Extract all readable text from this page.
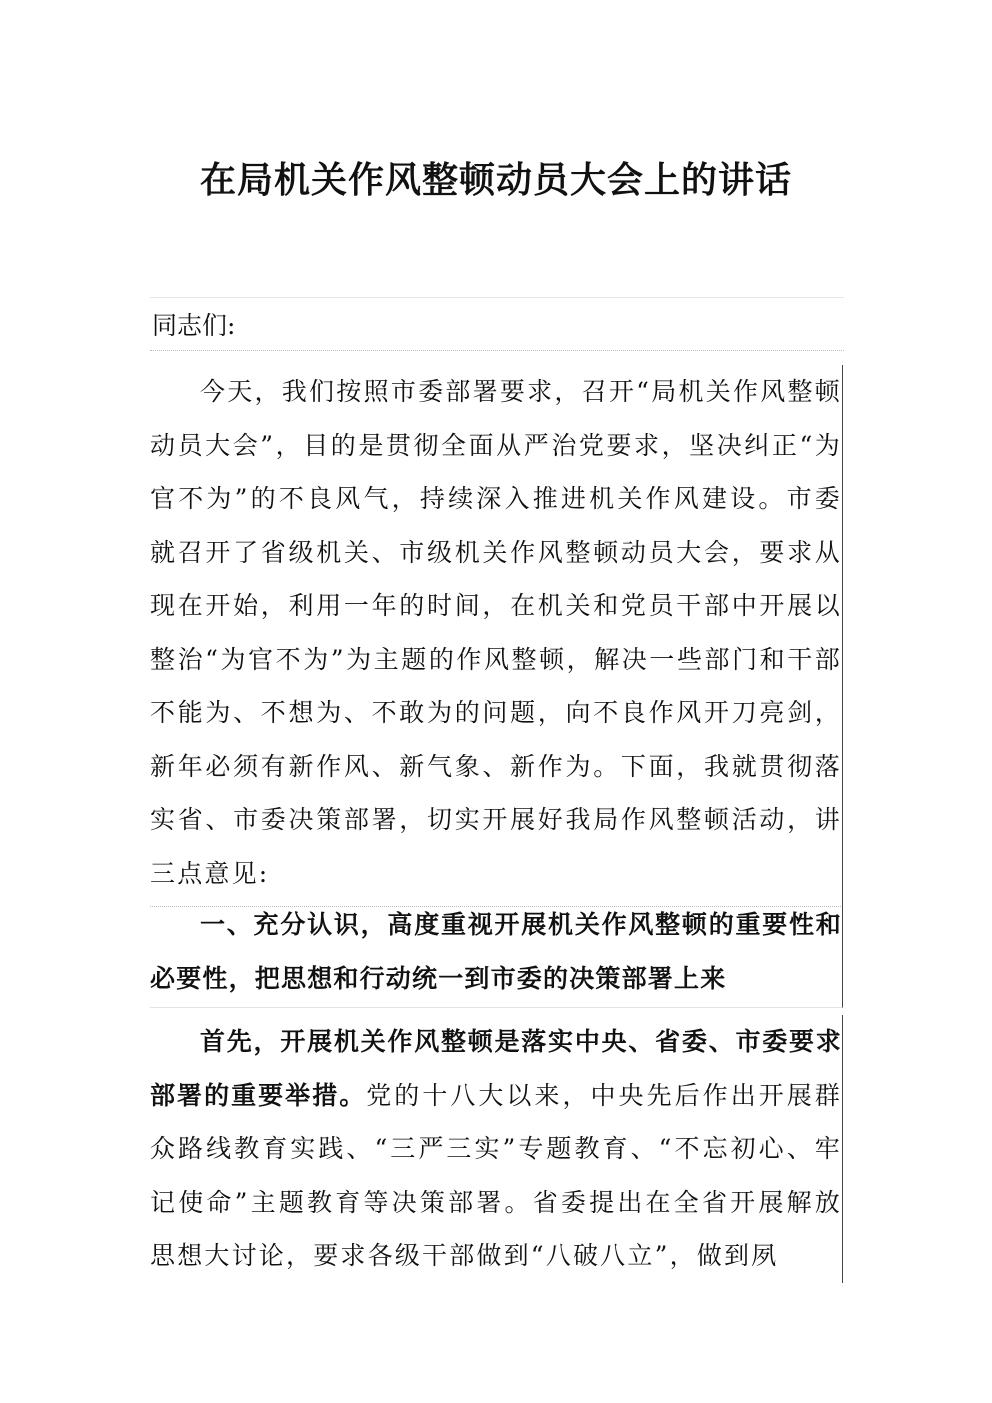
在局机关作风整顿动员大会上的讲话
同志们:
今天，我们按照市委部署要求，召开“局机关作风整顿动员大会”，目的是贯彻全面从严治党要求，坚决纠正“为官不为”的不良风气，持续深入推进机关作风建设。市委就召开了省级机关、市级机关作风整顿动员大会，要求从现在开始，利用一年的时间，在机关和党员干部中开展以整治“为官不为”为主题的作风整顿，解决一些部门和干部不能为、不想为、不敢为的问题，向不良作风开刀亮剑，新年必须有新作风、新气象、新作为。下面，我就贯彻落实省、市委决策部署，切实开展好我局作风整顿活动，讲三点意见:
一、充分认识，高度重视开展机关作风整顿的重要性和必要性，把思想和行动统一到市委的决策部署上来
首先，开展机关作风整顿是落实中央、省委、市委要求部署的重要举措。党的十八大以来，中央先后作出开展群众路线教育实践、“三严三实”专题教育、“不忘初心、牢记使命”主题教育等决策部署。省委提出在全省开展解放思想大讨论，要求各级干部做到“八破八立”，做到夙
